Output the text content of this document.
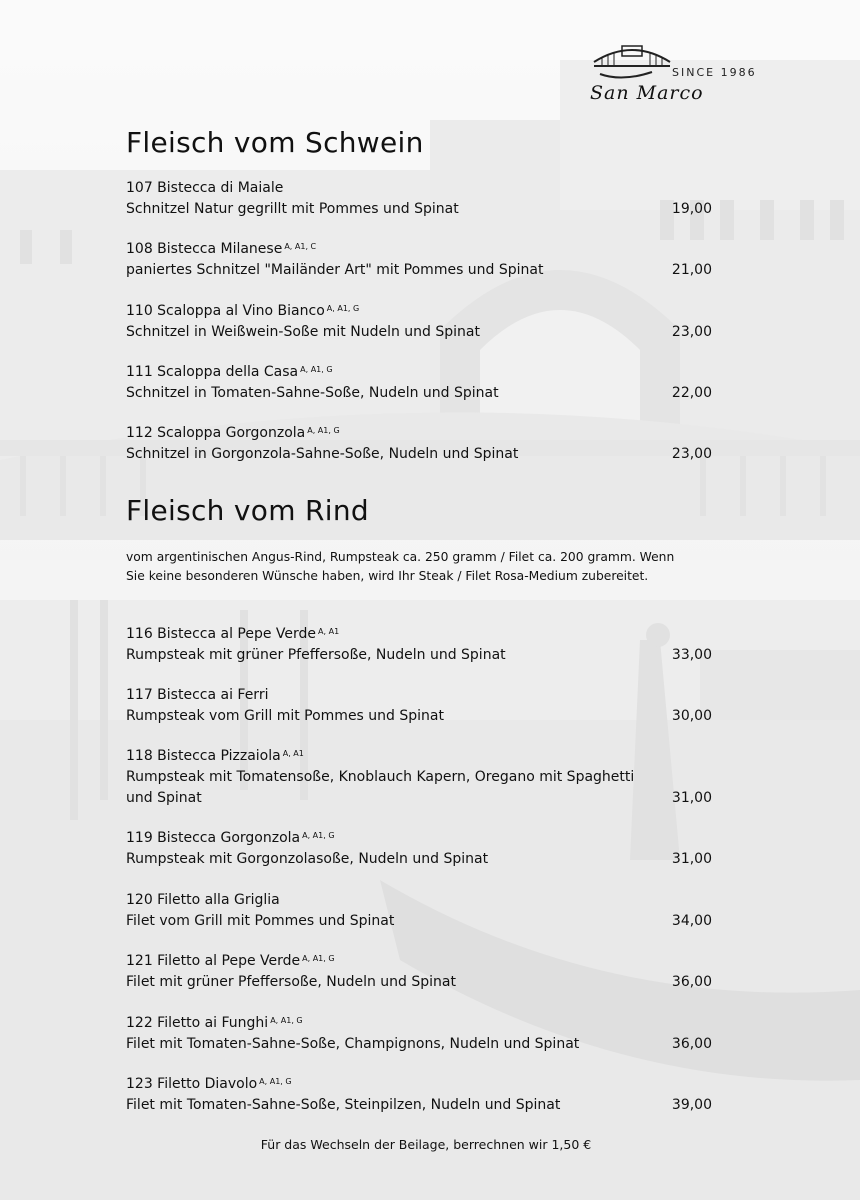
SINCE 1986
San Marco
Fleisch vom Schwein
107 Bistecca di Maiale
Schnitzel Natur gegrillt mit Pommes und Spinat	19,00
108 Bistecca Milanese $^{A, A1, C}$
paniertes Schnitzel "Mailänder Art" mit Pommes und Spinat	21,00
110 Scaloppa al Vino Bianco $^{A, A1, G}$
Schnitzel in Weißwein-Soße mit Nudeln und Spinat	23,00
111 Scaloppa della Casa $^{A, A1, G}$
Schnitzel in Tomaten-Sahne-Soße, Nudeln und Spinat	22,00
112 Scaloppa Gorgonzola $^{A, A1, G}$
Schnitzel in Gorgonzola-Sahne-Soße, Nudeln und Spinat	23,00
Fleisch vom Rind
vom argentinischen Angus-Rind, Rumpsteak ca. 250 gramm / Filet ca. 200 gramm. Wenn Sie keine besonderen Wünsche haben, wird Ihr Steak / Filet Rosa-Medium zubereitet.
116 Bistecca al Pepe Verde $^{A, A1}$
Rumpsteak mit grüner Pfeffersoße, Nudeln und Spinat	33,00
117 Bistecca ai Ferri
Rumpsteak vom Grill mit Pommes und Spinat	30,00
118 Bistecca Pizzaiola $^{A, A1}$
Rumpsteak mit Tomatensoße, Knoblauch Kapern, Oregano mit Spaghetti und Spinat	31,00
119 Bistecca Gorgonzola $^{A, A1, G}$
Rumpsteak mit Gorgonzolasoße, Nudeln und Spinat	31,00
120 Filetto alla Griglia
Filet vom Grill mit Pommes und Spinat	34,00
121 Filetto al Pepe Verde $^{A, A1, G}$
Filet mit grüner Pfeffersoße, Nudeln und Spinat	36,00
122 Filetto ai Funghi $^{A, A1, G}$
Filet mit Tomaten-Sahne-Soße, Champignons, Nudeln und Spinat	36,00
123 Filetto Diavolo $^{A, A1, G}$
Filet mit Tomaten-Sahne-Soße, Steinpilzen, Nudeln und Spinat	39,00
Für das Wechseln der Beilage, berrechnen wir 1,50 €
